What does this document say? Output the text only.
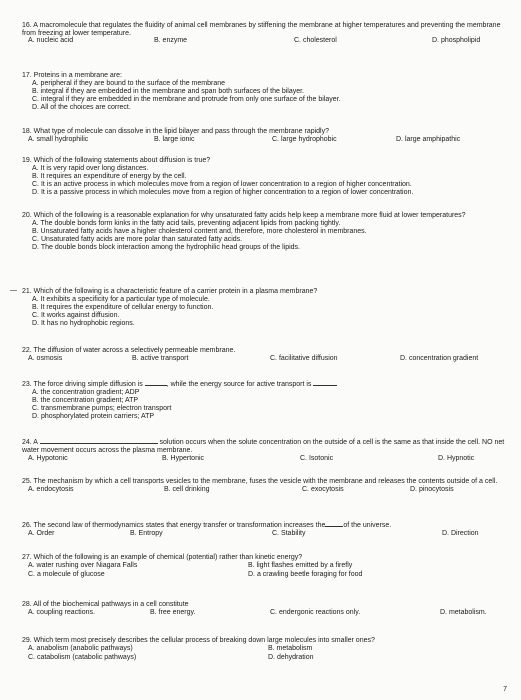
16. A macromolecule that regulates the fluidity of animal cell membranes by stiffening the membrane at higher temperatures and preventing the membrane from freezing at lower temperature.
A. nucleic acid	B. enzyme	C. cholesterol	D. phospholipid
17. Proteins in a membrane are:
A. peripheral if they are bound to the surface of the membrane
B. integral if they are embedded in the membrane and span both surfaces of the bilayer.
C. integral if they are embedded in the membrane and protrude from only one surface of the bilayer.
D. All of the choices are correct.
18. What type of molecule can dissolve in the lipid bilayer and pass through the membrane rapidly?
A. small hydrophilic	B. large ionic	C. large hydrophobic	D. large amphipathic
19. Which of the following statements about diffusion is true?
A. It is very rapid over long distances.
B. It requires an expenditure of energy by the cell.
C. It is an active process in which molecules move from a region of lower concentration to a region of higher concentration.
D. It is a passive process in which molecules move from a region of higher concentration to a region of lower concentration.
20. Which of the following is a reasonable explanation for why unsaturated fatty acids help keep a membrane more fluid at lower temperatures?
A. The double bonds form kinks in the fatty acid tails, preventing adjacent lipids from packing tightly.
B. Unsaturated fatty acids have a higher cholesterol content and, therefore, more cholesterol in membranes.
C. Unsaturated fatty acids are more polar than saturated fatty acids.
D. The double bonds block interaction among the hydrophilic head groups of the lipids.
— 21. Which of the following is a characteristic feature of a carrier protein in a plasma membrane?
A. It exhibits a specificity for a particular type of molecule.
B. It requires the expenditure of cellular energy to function.
C. It works against diffusion.
D. It has no hydrophobic regions.
22. The diffusion of water across a selectively permeable membrane.
A. osmosis	B. active transport	C. facilitative diffusion	D. concentration gradient
23. The force driving simple diffusion is	, while the energy source for active transport is
A. the concentration gradient; ADP
B. the concentration gradient; ATP
C. transmembrane pumps; electron transport
D. phosphorylated protein carriers; ATP
24. A	solution occurs when the solute concentration on the outside of a cell is the same as that inside the cell. NO net water movement occurs across the plasma membrane.
A. Hypotonic	B. Hypertonic	C. Isotonic	D. Hypnotic
25. The mechanism by which a cell transports vesicles to the membrane, fuses the vesicle with the membrane and releases the contents outside of a cell.
A. endocytosis	B. cell drinking	C. exocytosis	D. pinocytosis
26. The second law of thermodynamics states that energy transfer or transformation increases the	of the universe.
A. Order	B. Entropy	C. Stability	D. Direction
27. Which of the following is an example of chemical (potential) rather than kinetic energy?
A. water rushing over Niagara Falls	B. light flashes emitted by a firefly
C. a molecule of glucose	D. a crawling beetle foraging for food
28. All of the biochemical pathways in a cell constitute
A. coupling reactions.	B. free energy.	C. endergonic reactions only.	D. metabolism.
29. Which term most precisely describes the cellular process of breaking down large molecules into smaller ones?
A. anabolism (anabolic pathways)	B. metabolism
C. catabolism (catabolic pathways)	D. dehydration
7
